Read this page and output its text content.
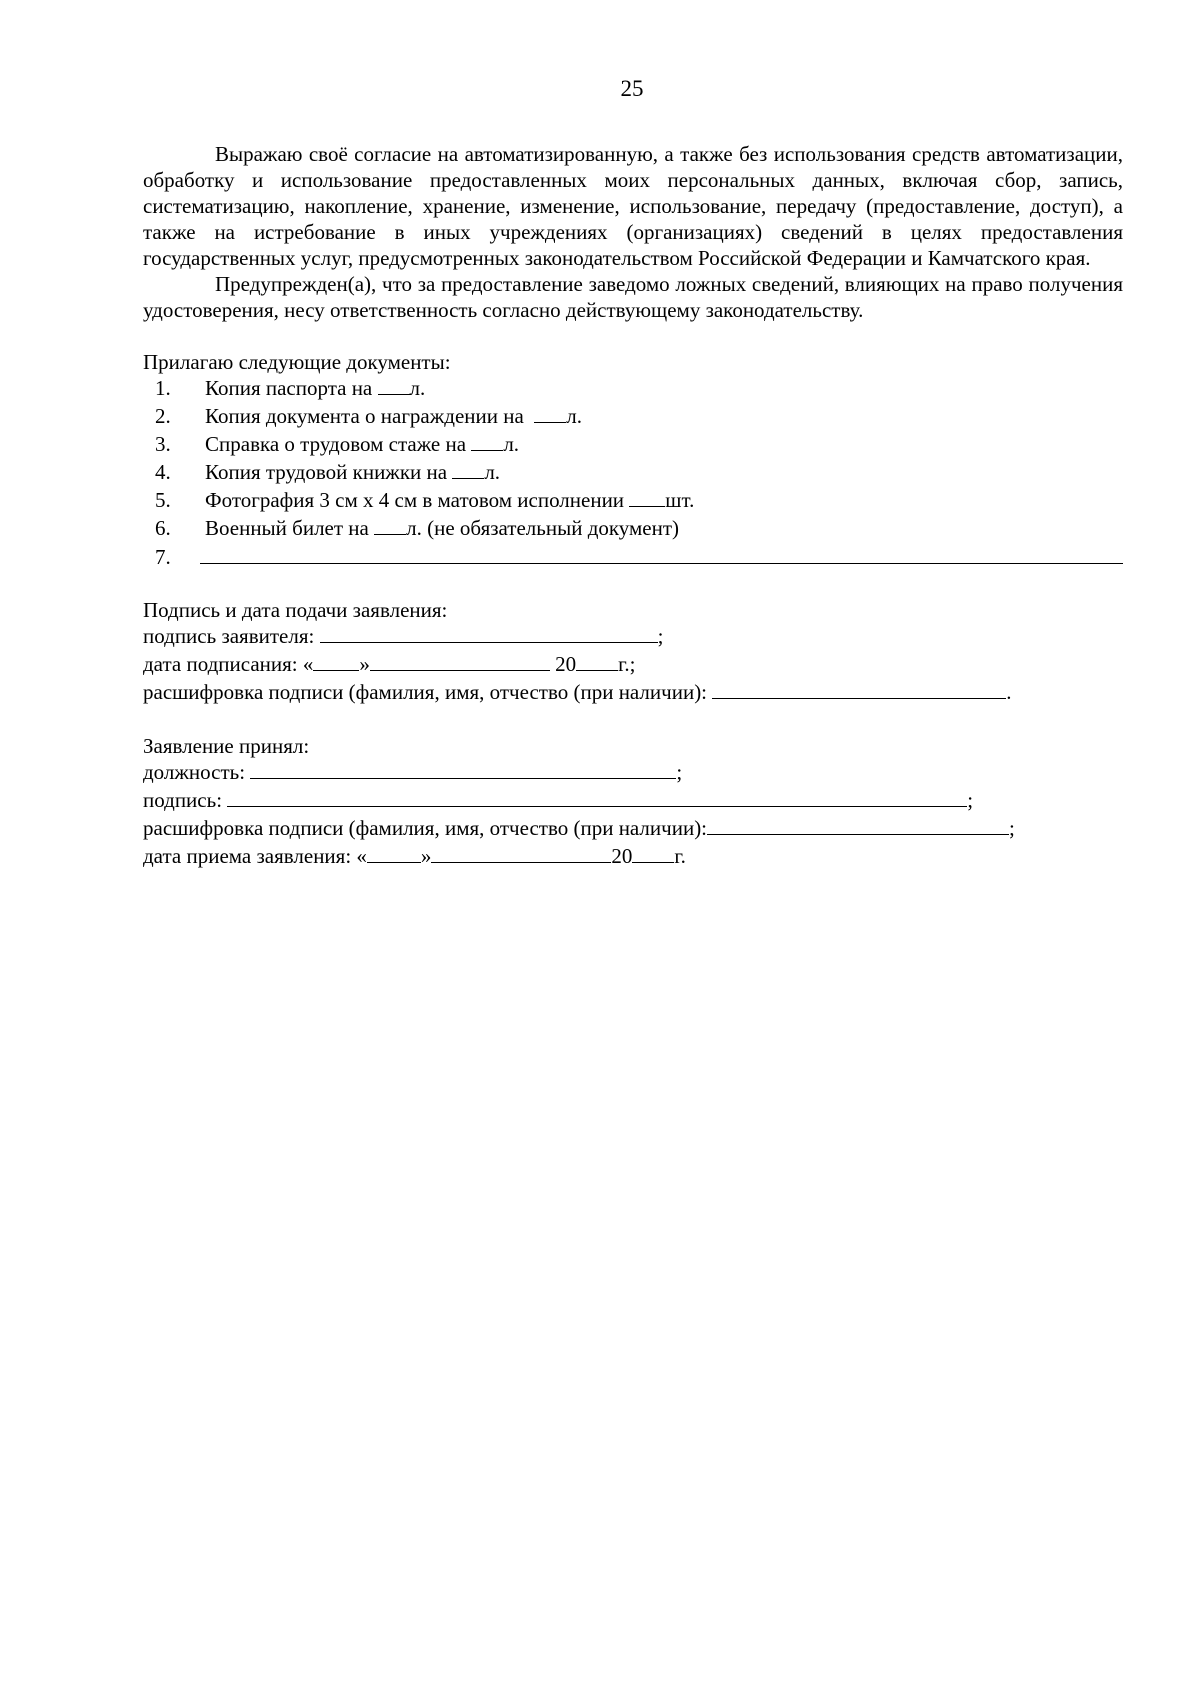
25

Выражаю своё согласие на автоматизированную, а также без использования средств автоматизации, обработку и использование предоставленных моих персональных данных, включая сбор, запись, систематизацию, накопление, хранение, изменение, использование, передачу (предоставление, доступ), а также на истребование в иных учреждениях (организациях) сведений в целях предоставления государственных услуг, предусмотренных законодательством Российской Федерации и Камчатского края.

Предупрежден(а), что за предоставление заведомо ложных сведений, влияющих на право получения удостоверения, несу ответственность согласно действующему законодательству.

Прилагаю следующие документы:
1.	Копия паспорта на л.
2.	Копия документа о награждении на  л.
3.	Справка о трудовом стаже на л.
4.	Копия трудовой книжки на л.
5.	Фотография 3 см х 4 см в матовом исполнении шт.
6.	Военный билет на л. (не обязательный документ)
7.
Подпись и дата подачи заявления:
подпись заявителя:	;
дата подписания: « »	20 г.;
расшифровка подписи (фамилия, имя, отчество (при наличии):	.
Заявление принял:
должность:	;
подпись:	;
расшифровка подписи (фамилия, имя, отчество (при наличии):	;
дата приема заявления: «	»	20 г.
